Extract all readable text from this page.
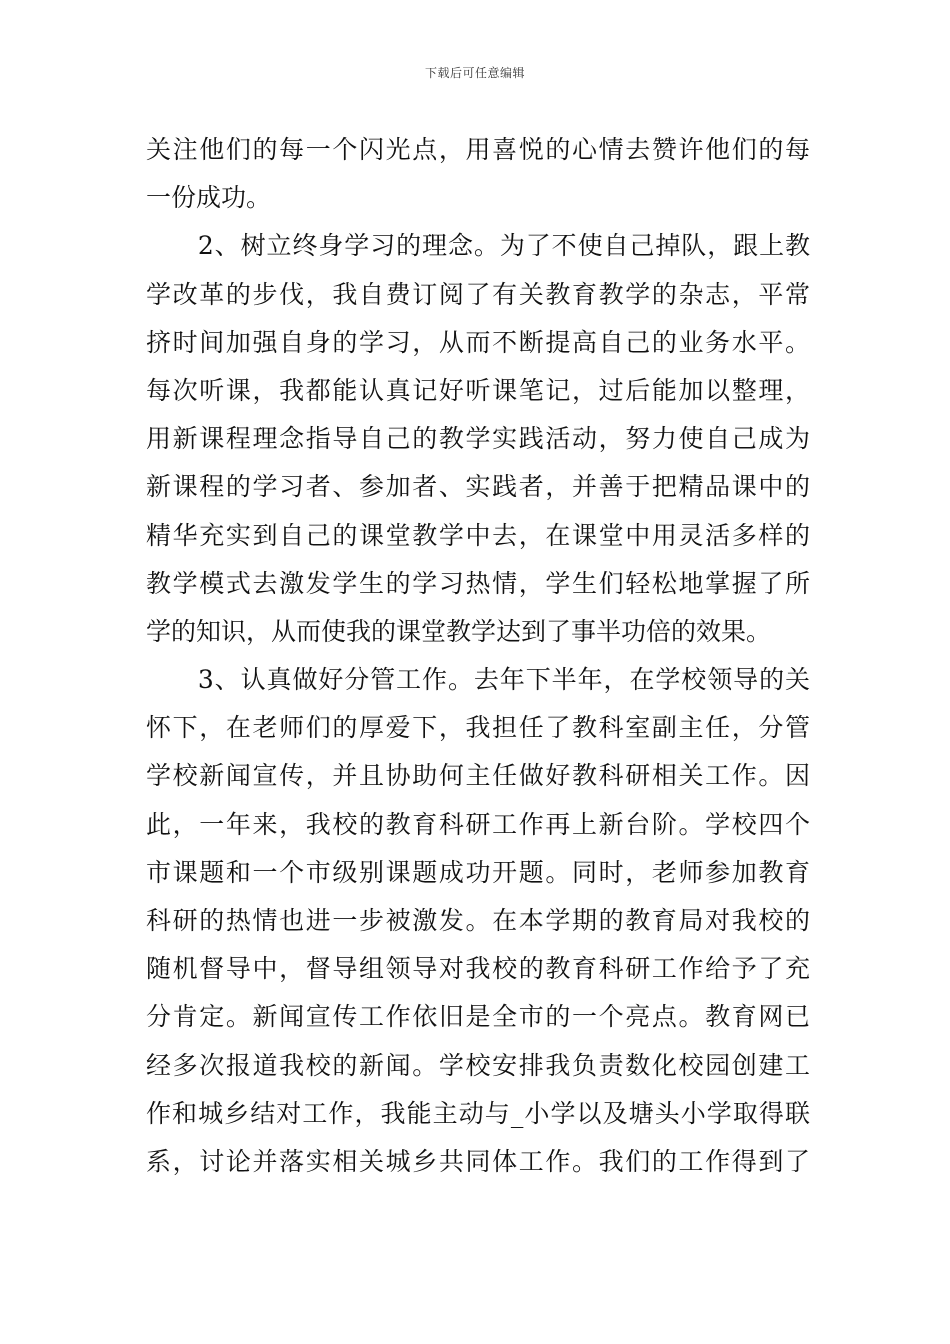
下载后可任意编辑
关注他们的每一个闪光点，用喜悦的心情去赞许他们的每
一份成功。
　　2、树立终身学习的理念。为了不使自己掉队，跟上教
学改革的步伐，我自费订阅了有关教育教学的杂志，平常
挤时间加强自身的学习，从而不断提高自己的业务水平。
每次听课，我都能认真记好听课笔记，过后能加以整理，
用新课程理念指导自己的教学实践活动，努力使自己成为
新课程的学习者、参加者、实践者，并善于把精品课中的
精华充实到自己的课堂教学中去，在课堂中用灵活多样的
教学模式去激发学生的学习热情，学生们轻松地掌握了所
学的知识，从而使我的课堂教学达到了事半功倍的效果。
　　3、认真做好分管工作。去年下半年，在学校领导的关
怀下，在老师们的厚爱下，我担任了教科室副主任，分管
学校新闻宣传，并且协助何主任做好教科研相关工作。因
此，一年来，我校的教育科研工作再上新台阶。学校四个
市课题和一个市级别课题成功开题。同时，老师参加教育
科研的热情也进一步被激发。在本学期的教育局对我校的
随机督导中，督导组领导对我校的教育科研工作给予了充
分肯定。新闻宣传工作依旧是全市的一个亮点。教育网已
经多次报道我校的新闻。学校安排我负责数化校园创建工
作和城乡结对工作，我能主动与_小学以及塘头小学取得联
系，讨论并落实相关城乡共同体工作。我们的工作得到了
